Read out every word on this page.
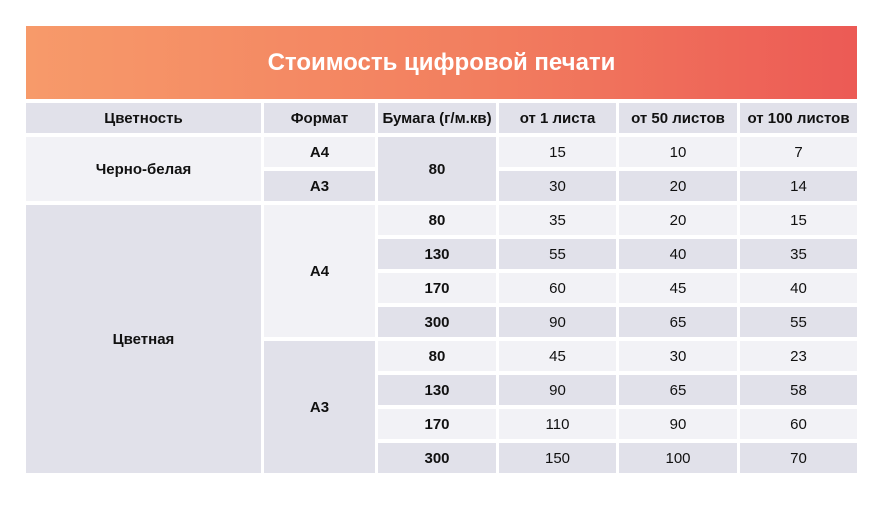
Стоимость цифровой печати
Цветность	Формат	Бумага (г/м.кв)	от 1 листа	от 50 листов	от 100 листов
Черно-белая	А4	80	15	10	7
	А3		30	20	14
Цветная	А4	80	35	20	15
		130	55	40	35
		170	60	45	40
		300	90	65	55
	А3	80	45	30	23
		130	90	65	58
		170	110	90	60
		300	150	100	70
